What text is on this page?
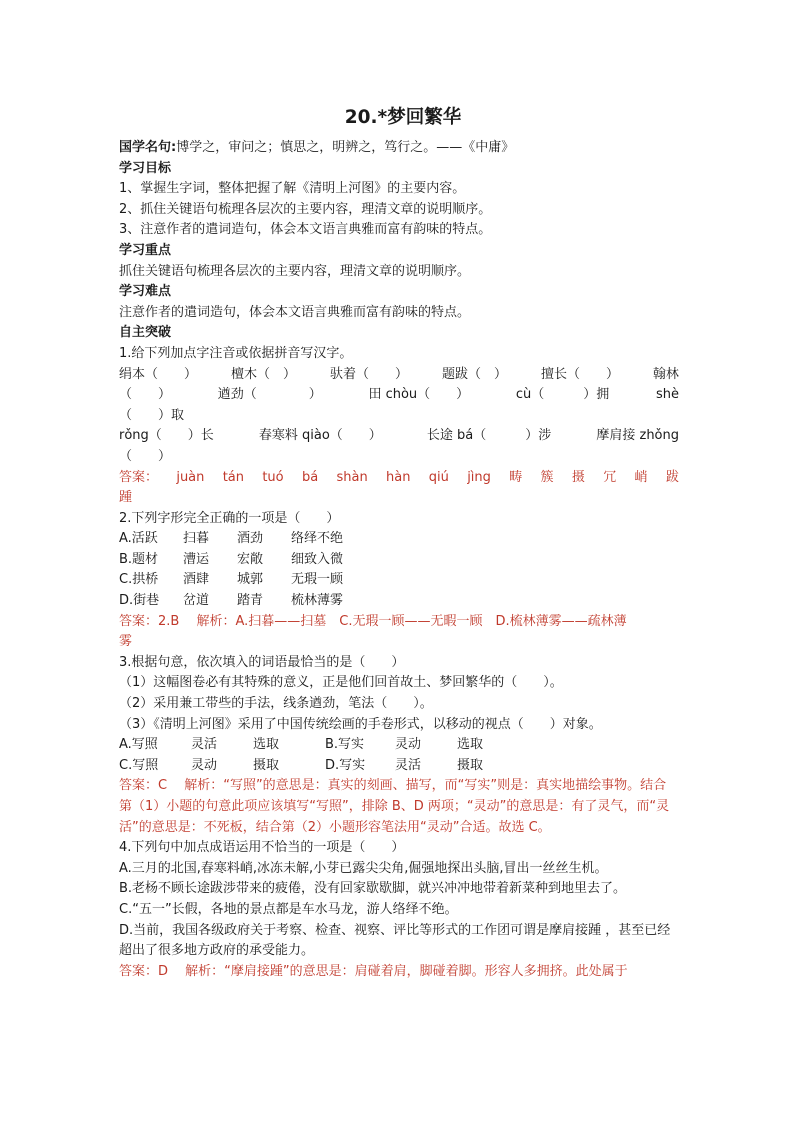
20.*梦回繁华
国学名句:博学之，审问之；慎思之，明辨之，笃行之。——《中庸》
学习目标
1、掌握生字词，整体把握了解《清明上河图》的主要内容。
2、抓住关键语句梳理各层次的主要内容，理清文章的说明顺序。
3、注意作者的遣词造句，体会本文语言典雅而富有韵味的特点。
学习重点
抓住关键语句梳理各层次的主要内容，理清文章的说明顺序。
学习难点
注意作者的遣词造句，体会本文语言典雅而富有韵味的特点。
自主突破
1.给下列加点字注音或依据拼音写汉字。
绢本（　　）	檀木（　）	驮着（　　）	题跋（　）	擅长（　　）	翰林
（　　）	遒劲（　　　　）	田 chòu（　　）	cù（　　　）拥	shè
（　　）取
rǒng（　　）长	春寒料 qiào（　　）	长途 bá（　　　）涉	摩肩接 zhǒng
（　　）
答案： juàn tán tuó bá shàn hàn qiú jìng 畴 簇 摄 冗 峭 跋
踵
2.下列字形完全正确的一项是（　　）
A.活跃	扫暮	酒劲	络绎不绝
B.题材	漕运	宏敞	细致入微
C.拱桥	酒肆	城郭	无瑕一顾
D.街巷	岔道	踏青	梳林薄雾
答案：2.B　 解析：A.扫暮——扫墓　C.无瑕一顾——无暇一顾　D.梳林薄雾——疏林薄
雾
3.根据句意，依次填入的词语最恰当的是（　　）
（1）这幅图卷必有其特殊的意义，正是他们回首故土、梦回繁华的（　　）。
（2）采用兼工带些的手法，线条遒劲，笔法（　　）。
（3）《清明上河图》采用了中国传统绘画的手卷形式，以移动的视点（　　）对象。
A.写照	灵活	选取	B.写实	灵动	选取
C.写照	灵动	摄取	D.写实	灵活	摄取
答案：C　 解析：“写照”的意思是：真实的刻画、描写，而“写实”则是：真实地描绘事物。结合第（1）小题的句意此项应该填写“写照”，排除 B、D 两项；“灵动”的意思是：有了灵气，而“灵活”的意思是：不死板，结合第（2）小题形容笔法用“灵动”合适。故选 C。
4.下列句中加点成语运用不恰当的一项是（　　）
A.三月的北国,春寒料峭,冰冻未解,小芽已露尖尖角,倔强地探出头脑,冒出一丝丝生机。
B.老杨不顾长途跋涉带来的疲倦，没有回家歇歇脚，就兴冲冲地带着新菜种到地里去了。
C.“五一”长假，各地的景点都是车水马龙，游人络绎不绝。
D.当前，我国各级政府关于考察、检查、视察、评比等形式的工作团可谓是摩肩接踵 ，甚至已经超出了很多地方政府的承受能力。
答案：D　 解析：“摩肩接踵”的意思是：肩碰着肩，脚碰着脚。形容人多拥挤。此处属于
